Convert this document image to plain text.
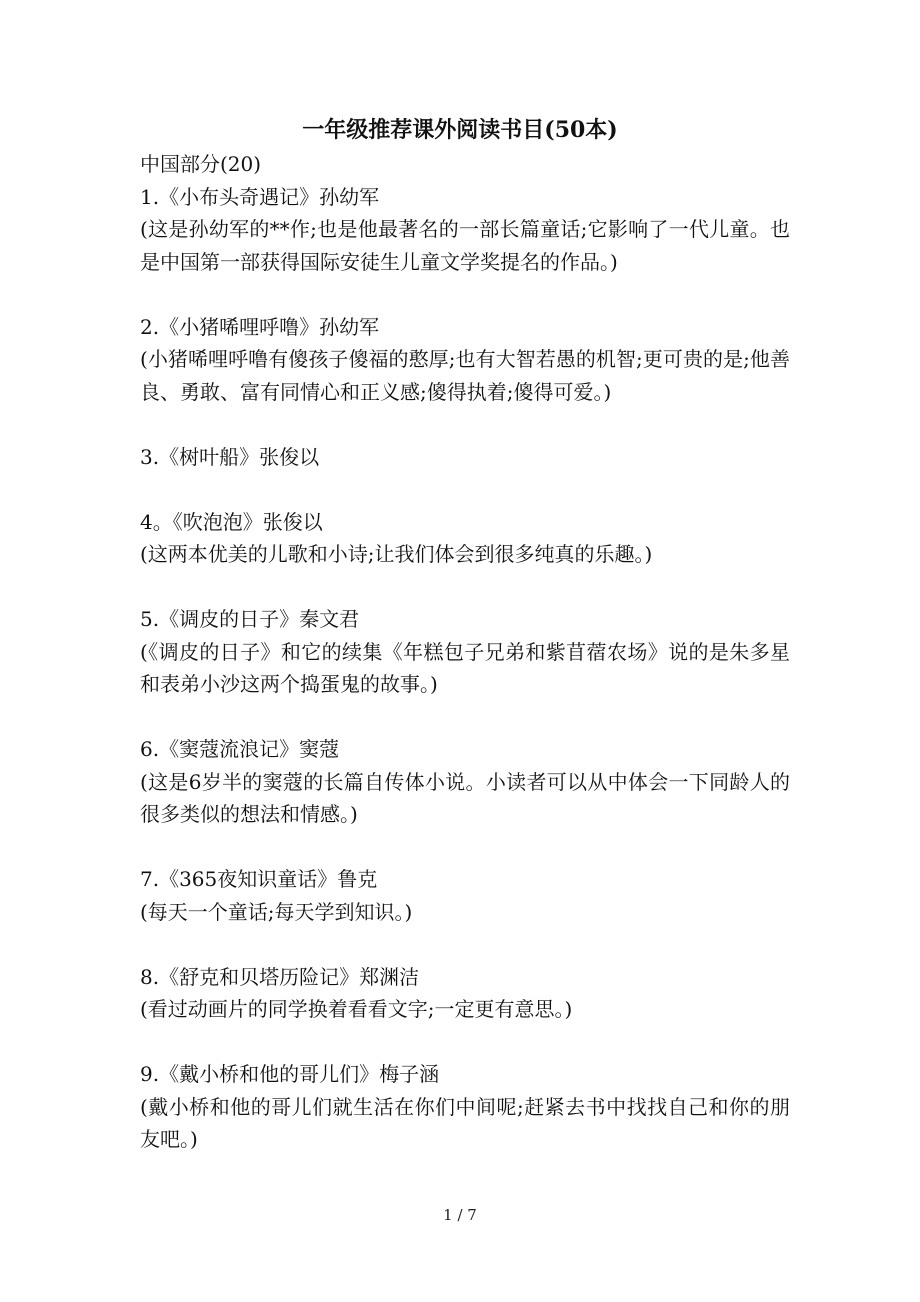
一年级推荐课外阅读书目(50本)
中国部分(20)
1.《小布头奇遇记》孙幼军
(这是孙幼军的**作;也是他最著名的一部长篇童话;它影响了一代儿童。也是中国第一部获得国际安徒生儿童文学奖提名的作品。)
2.《小猪唏哩呼噜》孙幼军
(小猪唏哩呼噜有傻孩子傻福的憨厚;也有大智若愚的机智;更可贵的是;他善良、勇敢、富有同情心和正义感;傻得执着;傻得可爱。)
3.《树叶船》张俊以
4。《吹泡泡》张俊以
(这两本优美的儿歌和小诗;让我们体会到很多纯真的乐趣。)
5.《调皮的日子》秦文君
(《调皮的日子》和它的续集《年糕包子兄弟和紫苜蓿农场》说的是朱多星和表弟小沙这两个捣蛋鬼的故事。)
6.《窦蔻流浪记》窦蔻
(这是6岁半的窦蔻的长篇自传体小说。小读者可以从中体会一下同龄人的很多类似的想法和情感。)
7.《365夜知识童话》鲁克
(每天一个童话;每天学到知识。)
8.《舒克和贝塔历险记》郑渊洁
(看过动画片的同学换着看看文字;一定更有意思。)
9.《戴小桥和他的哥儿们》梅子涵
(戴小桥和他的哥儿们就生活在你们中间呢;赶紧去书中找找自己和你的朋友吧。)
1 / 7
